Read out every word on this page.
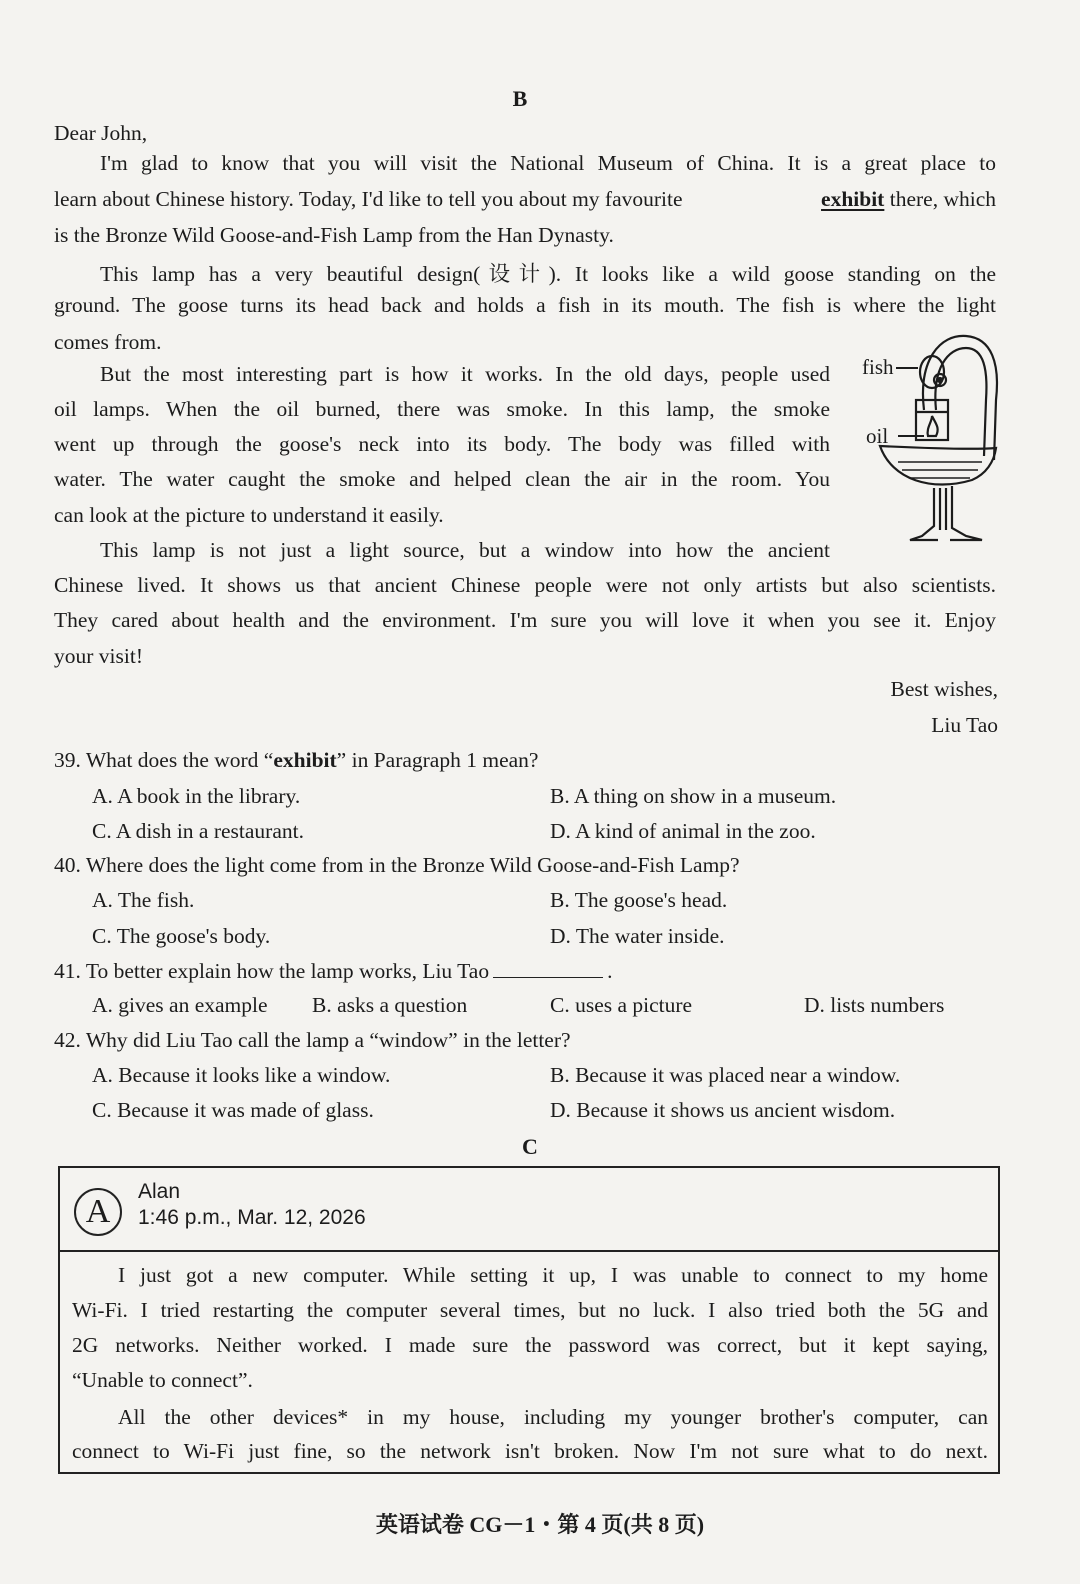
B
Dear John,
I'm glad to know that you will visit the National Museum of China. It is a great place to
learn about Chinese history. Today, I'd like to tell you about my favourite	exhibit there, which
is the Bronze Wild Goose-and-Fish Lamp from the Han Dynasty.
This lamp has a very beautiful design(设计). It looks like a wild goose standing on the
ground. The goose turns its head back and holds a fish in its mouth. The fish is where the light
comes from.
But the most interesting part is how it works. In the old days, people used
oil lamps. When the oil burned, there was smoke. In this lamp, the smoke
went up through the goose's neck into its body. The body was filled with
water. The water caught the smoke and helped clean the air in the room. You
can look at the picture to understand it easily.
This lamp is not just a light source, but a window into how the ancient
Chinese lived. It shows us that ancient Chinese people were not only artists but also scientists.
They cared about health and the environment. I'm sure you will love it when you see it. Enjoy
your visit!
Best wishes,
Liu Tao
fish
oil
39. What does the word “exhibit” in Paragraph 1 mean?
A. A book in the library.	B. A thing on show in a museum.
C. A dish in a restaurant.	D. A kind of animal in the zoo.
40. Where does the light come from in the Bronze Wild Goose-and-Fish Lamp?
A. The fish.	B. The goose's head.
C. The goose's body.	D. The water inside.
41. To better explain how the lamp works, Liu Tao	.
A. gives an example B. asks a question	C. uses a picture	D. lists numbers
42. Why did Liu Tao call the lamp a “window” in the letter?
A. Because it looks like a window.	B. Because it was placed near a window.
C. Because it was made of glass.	D. Because it shows us ancient wisdom.
C
A
Alan
1:46 p.m., Mar. 12, 2026
I just got a new computer. While setting it up, I was unable to connect to my home
Wi-Fi. I tried restarting the computer several times, but no luck. I also tried both the 5G and
2G networks. Neither worked. I made sure the password was correct, but it kept saying,
“Unable to connect”.
All the other devices* in my house, including my younger brother's computer, can
connect to Wi-Fi just fine, so the network isn't broken. Now I'm not sure what to do next.
英语试卷 CG－1・第 4 页(共 8 页)
